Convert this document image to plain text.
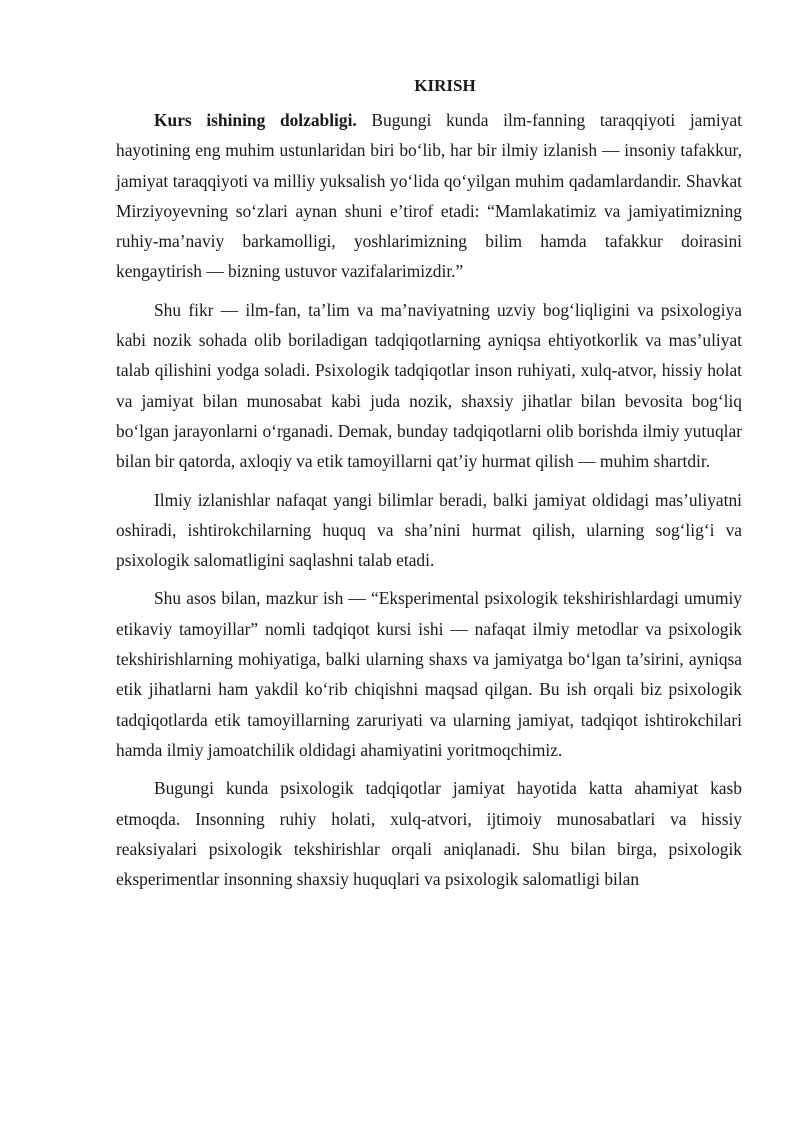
KIRISH

Kurs ishining dolzabligi. Bugungi kunda ilm-fanning taraqqiyoti jamiyat hayotining eng muhim ustunlaridan biri bo‘lib, har bir ilmiy izlanish — insoniy tafakkur, jamiyat taraqqiyoti va milliy yuksalish yo‘lida qo‘yilgan muhim qadamlardandir. Shavkat Mirziyoyevning so‘zlari aynan shuni e’tirof etadi: “Mamlakatimiz va jamiyatimizning ruhiy-ma’naviy barkamolligi, yoshlarimizning bilim hamda tafakkur doirasini kengaytirish — bizning ustuvor vazifalarimizdir.”

Shu fikr — ilm-fan, ta’lim va ma’naviyatning uzviy bog‘liqligini va psixologiya kabi nozik sohada olib boriladigan tadqiqotlarning ayniqsa ehtiyotkorlik va mas’uliyat talab qilishini yodga soladi. Psixologik tadqiqotlar inson ruhiyati, xulq-atvor, hissiy holat va jamiyat bilan munosabat kabi juda nozik, shaxsiy jihatlar bilan bevosita bog‘liq bo‘lgan jarayonlarni o‘rganadi. Demak, bunday tadqiqotlarni olib borishda ilmiy yutuqlar bilan bir qatorda, axloqiy va etik tamoyillarni qat’iy hurmat qilish — muhim shartdir.

Ilmiy izlanishlar nafaqat yangi bilimlar beradi, balki jamiyat oldidagi mas’uliyatni oshiradi, ishtirokchilarning huquq va sha’nini hurmat qilish, ularning sog‘lig‘i va psixologik salomatligini saqlashni talab etadi.

Shu asos bilan, mazkur ish — “Eksperimental psixologik tekshirishlardagi umumiy etikaviy tamoyillar” nomli tadqiqot kursi ishi — nafaqat ilmiy metodlar va psixologik tekshirishlarning mohiyatiga, balki ularning shaxs va jamiyatga bo‘lgan ta’sirini, ayniqsa etik jihatlarni ham yakdil ko‘rib chiqishni maqsad qilgan. Bu ish orqali biz psixologik tadqiqotlarda etik tamoyillarning zaruriyati va ularning jamiyat, tadqiqot ishtirokchilari hamda ilmiy jamoatchilik oldidagi ahamiyatini yoritmoqchimiz.

Bugungi kunda psixologik tadqiqotlar jamiyat hayotida katta ahamiyat kasb etmoqda. Insonning ruhiy holati, xulq-atvori, ijtimoiy munosabatlari va hissiy reaksiyalari psixologik tekshirishlar orqali aniqlanadi. Shu bilan birga, psixologik eksperimentlar insonning shaxsiy huquqlari va psixologik salomatligi bilan
